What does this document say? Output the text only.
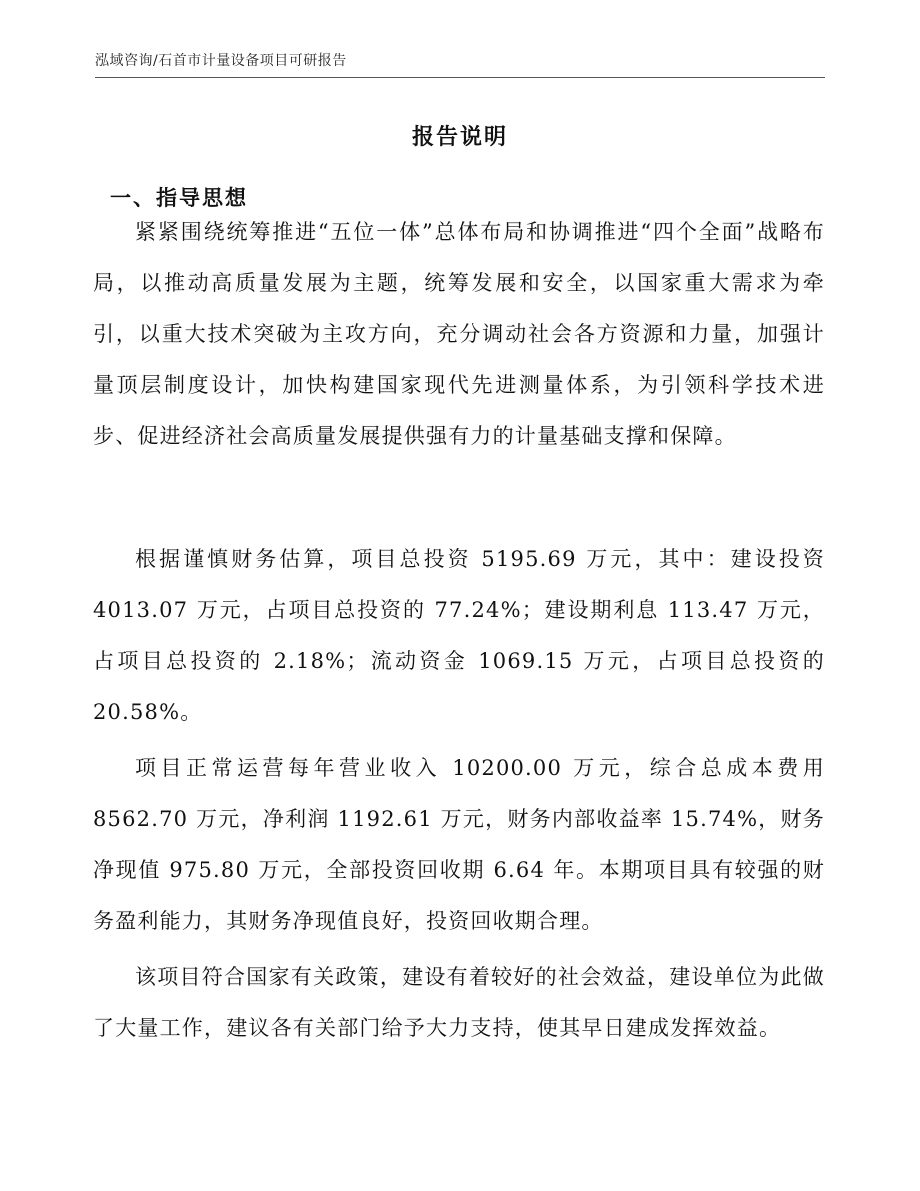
泓域咨询/石首市计量设备项目可研报告
报告说明
一、指导思想

紧紧围绕统筹推进“五位一体”总体布局和协调推进“四个全面”战略布局，以推动高质量发展为主题，统筹发展和安全，以国家重大需求为牵引，以重大技术突破为主攻方向，充分调动社会各方资源和力量，加强计量顶层制度设计，加快构建国家现代先进测量体系，为引领科学技术进步、促进经济社会高质量发展提供强有力的计量基础支撑和保障。

根据谨慎财务估算，项目总投资 5195.69 万元，其中：建设投资 4013.07 万元，占项目总投资的 77.24%；建设期利息 113.47 万元，占项目总投资的 2.18%；流动资金 1069.15 万元，占项目总投资的 20.58%。

项目正常运营每年营业收入 10200.00 万元，综合总成本费用 8562.70 万元，净利润 1192.61 万元，财务内部收益率 15.74%，财务净现值 975.80 万元，全部投资回收期 6.64 年。本期项目具有较强的财务盈利能力，其财务净现值良好，投资回收期合理。

该项目符合国家有关政策，建设有着较好的社会效益，建设单位为此做了大量工作，建议各有关部门给予大力支持，使其早日建成发挥效益。
